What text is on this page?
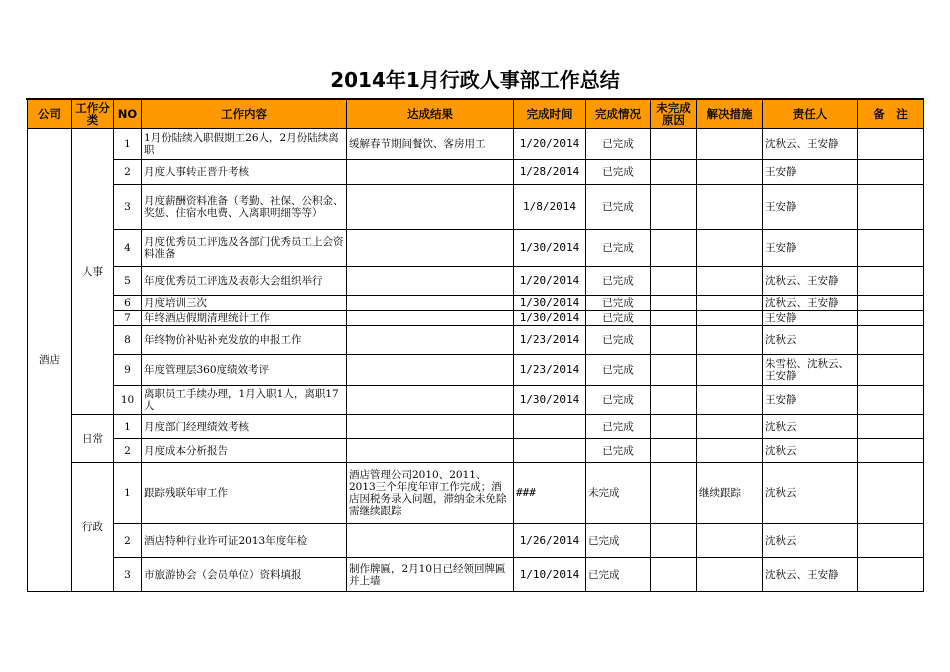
2014年1月行政人事部工作总结
公司	工作分类	NO	工作内容	达成结果	完成时间	完成情况	未完成原因	解决措施	责任人	备　注
酒店	人事	1	1月份陆续入职假期工26人，2月份陆续离职	缓解春节期间餐饮、客房用工	1/20/2014	已完成			沈秋云、王安静	
		2	月度人事转正晋升考核		1/28/2014	已完成			王安静	
		3	月度薪酬资料准备（考勤、社保、公积金、奖惩、住宿水电费、入离职明细等等）		1/8/2014	已完成			王安静	
		4	月度优秀员工评选及各部门优秀员工上会资料准备		1/30/2014	已完成			王安静	
		5	年度优秀员工评选及表彰大会组织举行		1/20/2014	已完成			沈秋云、王安静	
		6	月度培训三次		1/30/2014	已完成			沈秋云、王安静	
		7	年终酒店假期清理统计工作		1/30/2014	已完成			王安静	
		8	年终物价补贴补充发放的申报工作		1/23/2014	已完成			沈秋云	
		9	年度管理层360度绩效考评		1/23/2014	已完成			朱雪松、沈秋云、王安静	
		10	离职员工手续办理，1月入职1人，离职17人		1/30/2014	已完成			王安静	
	日常	1	月度部门经理绩效考核			已完成			沈秋云	
		2	月度成本分析报告			已完成			沈秋云	
	行政	1	跟踪残联年审工作	酒店管理公司2010、2011、2013三个年度年审工作完成；酒店因税务录入问题，滞纳金未免除需继续跟踪	###	未完成		继续跟踪	沈秋云	
		2	酒店特种行业许可证2013年度年检		1/26/2014	已完成			沈秋云	
		3	市旅游协会（会员单位）资料填报	制作牌匾，2月10日已经领回牌匾并上墙	1/10/2014	已完成			沈秋云、王安静	
